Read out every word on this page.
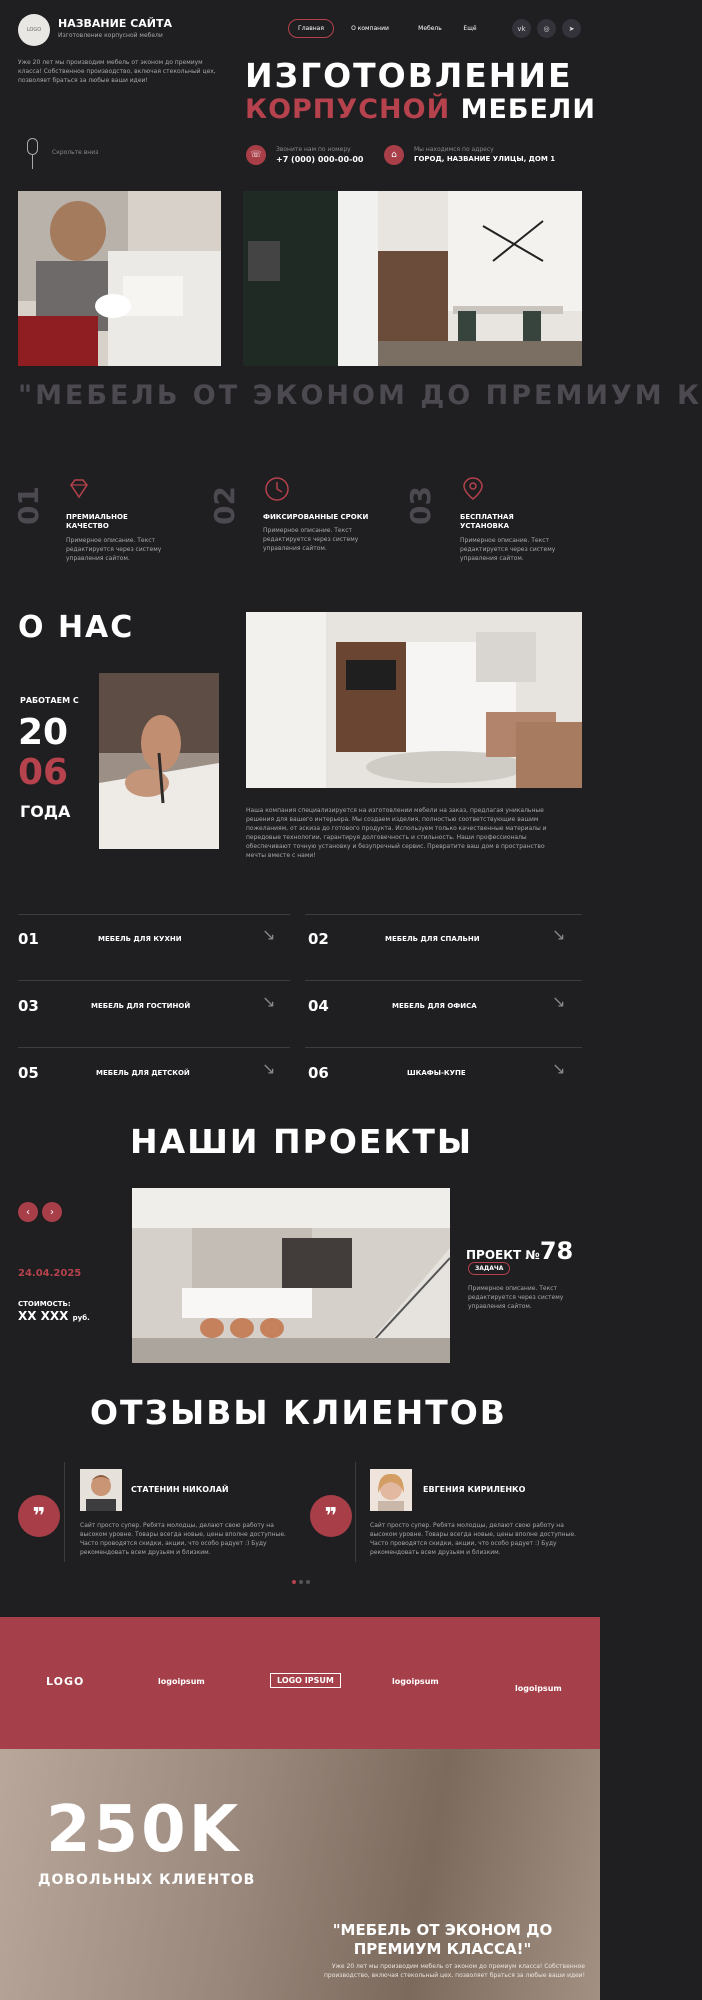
LOGO	НАЗВАНИЕ САЙТА
Изготовление корпусной мебели
Главная	О компании	Мебель	Ещё	vk	◎	➤
Уже 20 лет мы производим мебель от эконом до премиум класса! Собственное производство, включая стекольный цех, позволяет браться за любые ваши идеи!	ИЗГОТОВЛЕНИЕ
КОРПУСНОЙ МЕБЕЛИ
Скрольте вниз	☏
Звоните нам по номеру
+7 (000) 000-00-00	⌂
Мы находимся по адресу
ГОРОД, НАЗВАНИЕ УЛИЦЫ, ДОМ 1
"МЕБЕЛЬ ОТ ЭКОНОМ ДО ПРЕМИУМ К
01	ПРЕМИАЛЬНОЕ КАЧЕСТВО
Примерное описание. Текст редактируется через систему управления сайтом.
02	ФИКСИРОВАННЫЕ СРОКИ
Примерное описание. Текст редактируется через систему управления сайтом.
03	БЕСПЛАТНАЯ УСТАНОВКА
Примерное описание. Текст редактируется через систему управления сайтом.
О НАС
РАБОТАЕМ С
20
06
ГОДА	Наша компания специализируется на изготовлении мебели на заказ, предлагая уникальные решения для вашего интерьера. Мы создаем изделия, полностью соответствующие вашим пожеланиям, от эскиза до готового продукта. Используем только качественные материалы и передовые технологии, гарантируя долговечность и стильность. Наши профессионалы обеспечивают точную установку и безупречный сервис. Превратите ваш дом в пространство мечты вместе с нами!
01	МЕБЕЛЬ ДЛЯ КУХНИ	↘ 02	МЕБЕЛЬ ДЛЯ СПАЛЬНИ	↘
03	МЕБЕЛЬ ДЛЯ ГОСТИНОЙ	↘ 04	МЕБЕЛЬ ДЛЯ ОФИСА	↘
05	МЕБЕЛЬ ДЛЯ ДЕТСКОЙ	↘ 06	ШКАФЫ-КУПЕ	↘
НАШИ ПРОЕКТЫ
‹	›
24.04.2025
СТОИМОСТЬ:
XX XXX руб.
ПРОЕКТ №78
ЗАДАЧА
Примерное описание. Текст редактируется через систему управления сайтом.
ОТЗЫВЫ КЛИЕНТОВ
❞
СТАТЕНИН НИКОЛАЙ
Сайт просто супер. Ребята молодцы, делают свою работу на высоком уровне. Товары всегда новые, цены вполне доступные. Часто проводятся скидки, акции, что особо радует :) Буду рекомендовать всем друзьям и близким.
❞
ЕВГЕНИЯ КИРИЛЕНКО
Сайт просто супер. Ребята молодцы, делают свою работу на высоком уровне. Товары всегда новые, цены вполне доступные. Часто проводятся скидки, акции, что особо радует :) Буду рекомендовать всем друзьям и близким.
LOGO	logoipsum	LOGO IPSUM	logoipsum
logoipsum
250K
ДОВОЛЬНЫХ КЛИЕНТОВ
"МЕБЕЛЬ ОТ ЭКОНОМ ДО ПРЕМИУМ КЛАССА!"
Уже 20 лет мы производим мебель от эконом до премиум класса! Собственное производство, включая стекольный цех, позволяет браться за любые ваши идеи!
